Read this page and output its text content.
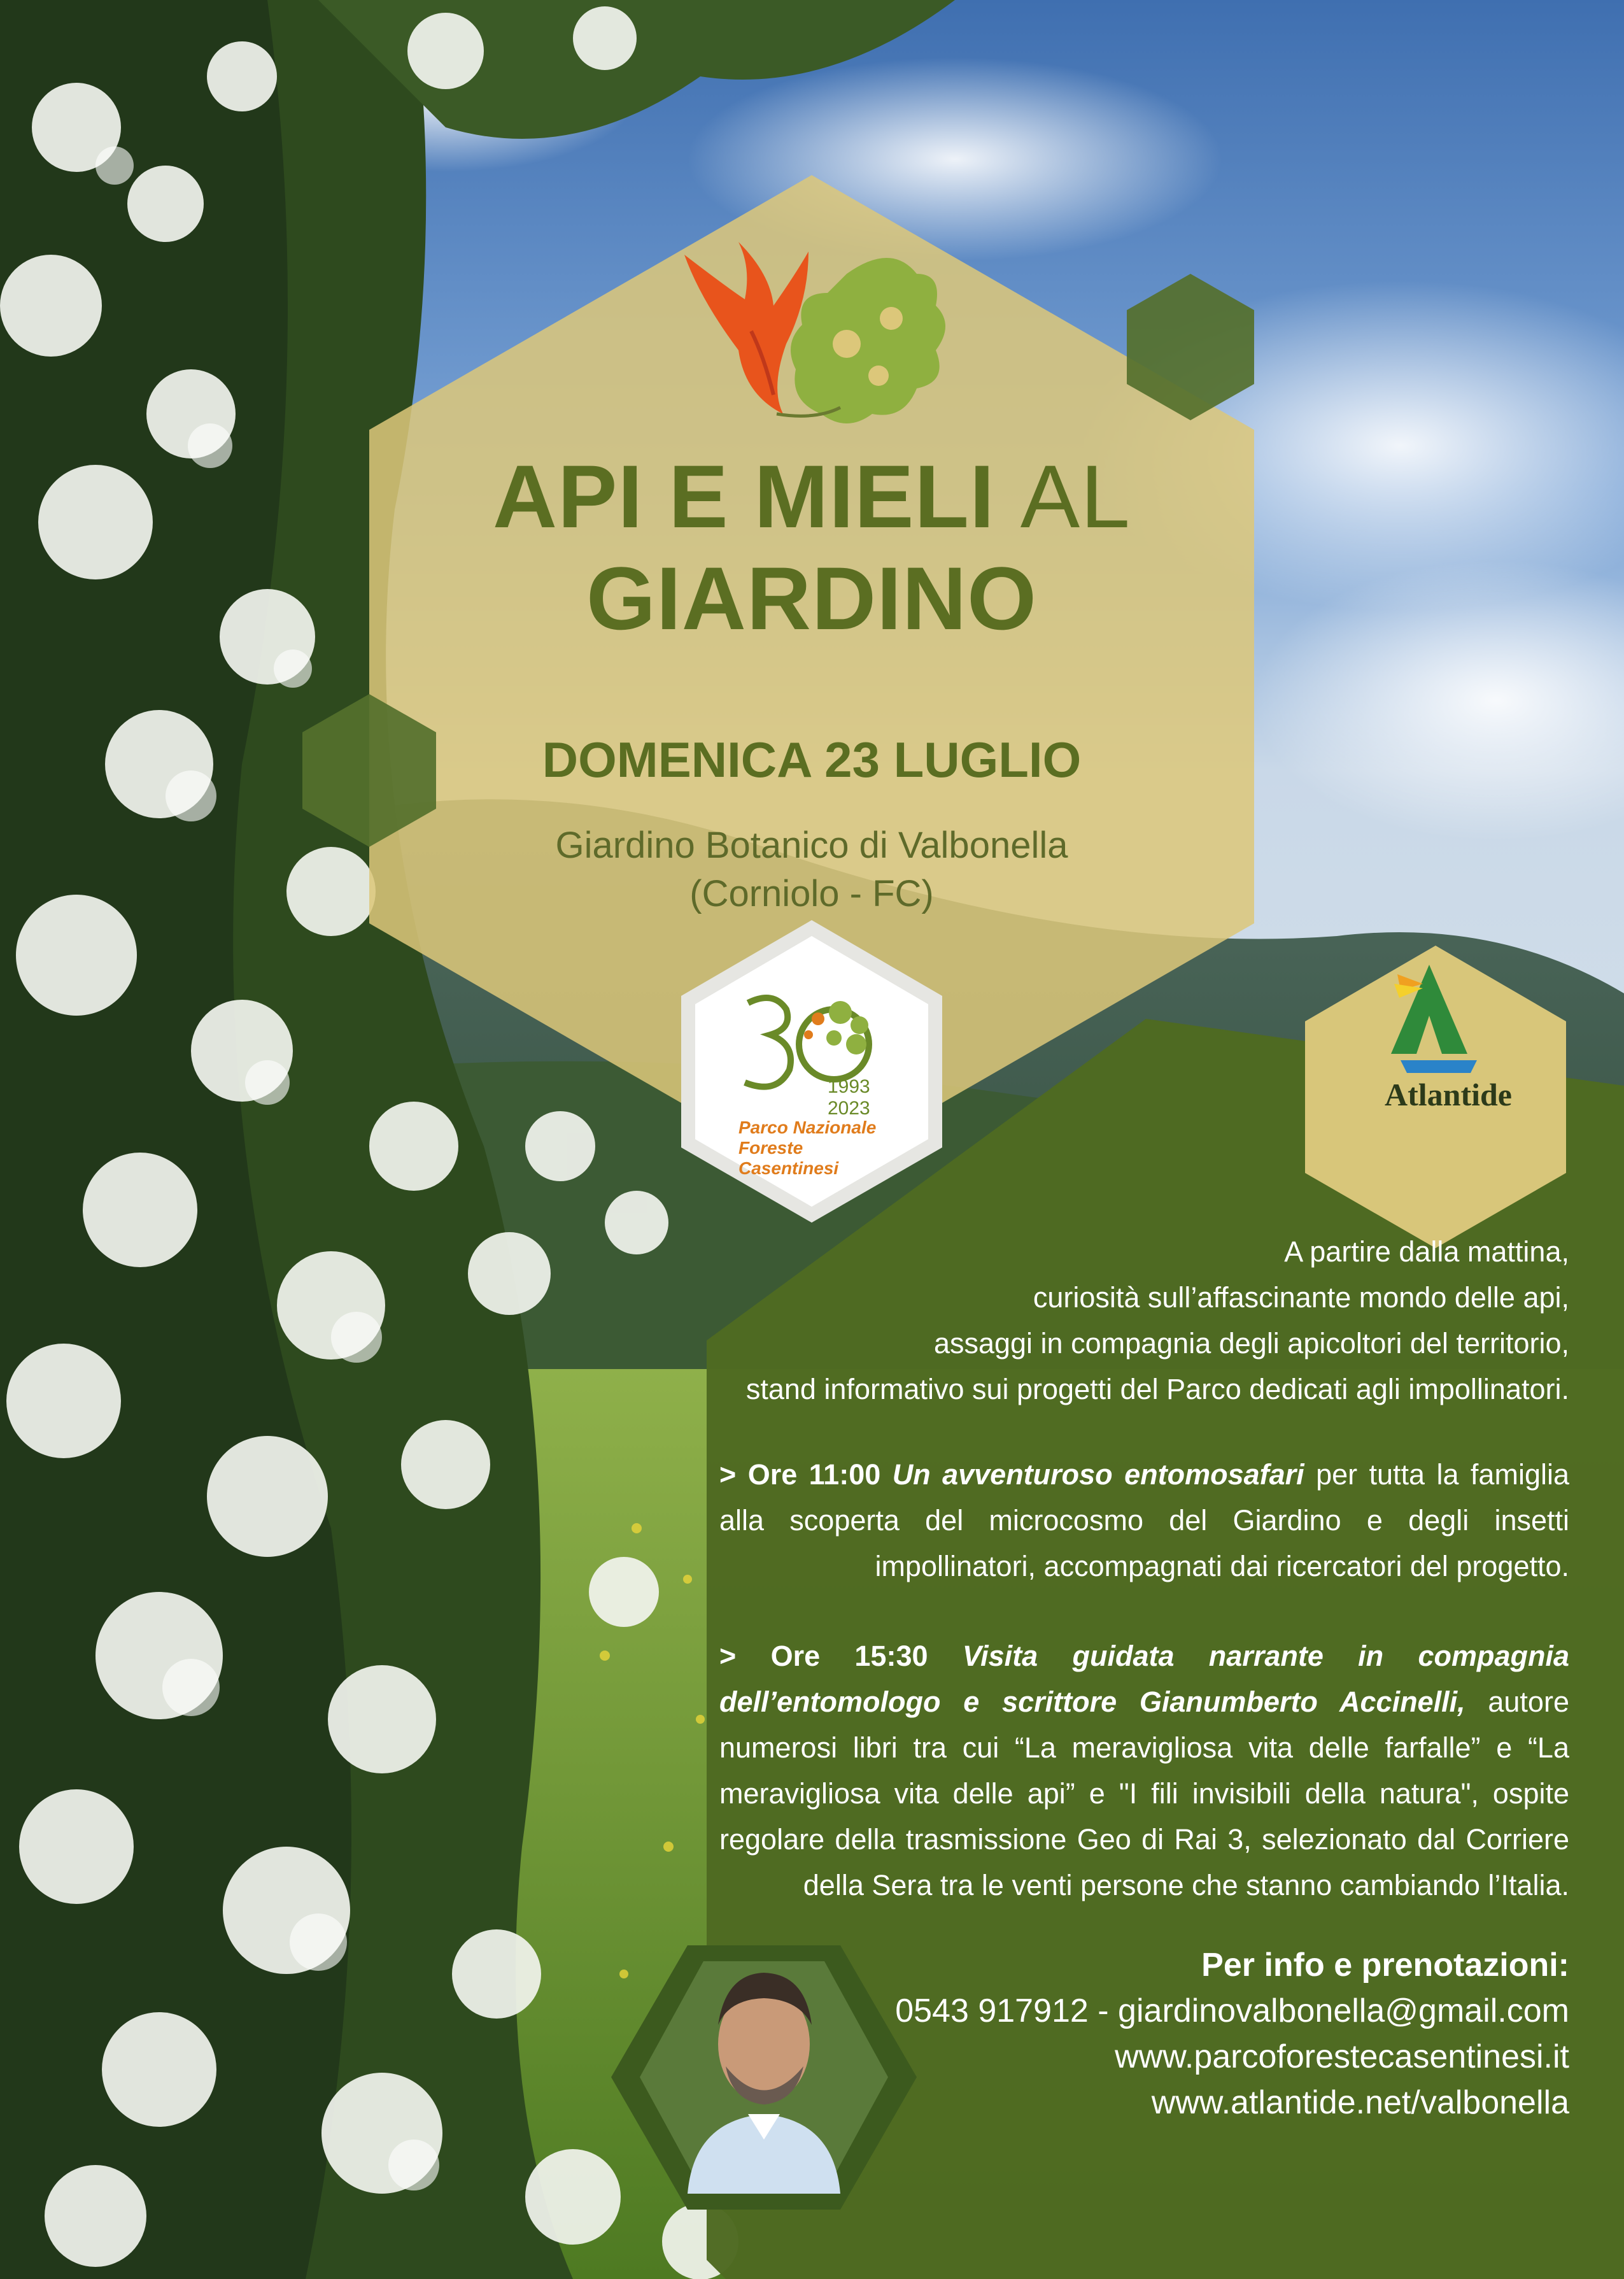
API E MIELI AL
GIARDINO
DOMENICA 23 LUGLIO
Giardino Botanico di Valbonella
(Corniolo - FC)
1993
2023
Parco Nazionale
Foreste Casentinesi
Atlantide
A partire dalla mattina,
curiosità sull’affascinante mondo delle api,
assaggi in compagnia degli apicoltori del territorio,
stand informativo sui progetti del Parco dedicati agli impollinatori.
> Ore 11:00 Un avventuroso entomosafari per tutta la famiglia alla scoperta del microcosmo del Giardino e degli insetti impollinatori, accompagnati dai ricercatori del progetto.
> Ore 15:30 Visita guidata narrante in compagnia dell’entomologo e scrittore Gianumberto Accinelli, autore numerosi libri tra cui “La meravigliosa vita delle farfalle” e “La meravigliosa vita delle api” e "I fili invisibili della natura", ospite regolare della trasmissione Geo di Rai 3, selezionato dal Corriere della Sera tra le venti persone che stanno cambiando l’Italia.
Per info e prenotazioni:
0543 917912 - giardinovalbonella@gmail.com
www.parcoforestecasentinesi.it
www.atlantide.net/valbonella
